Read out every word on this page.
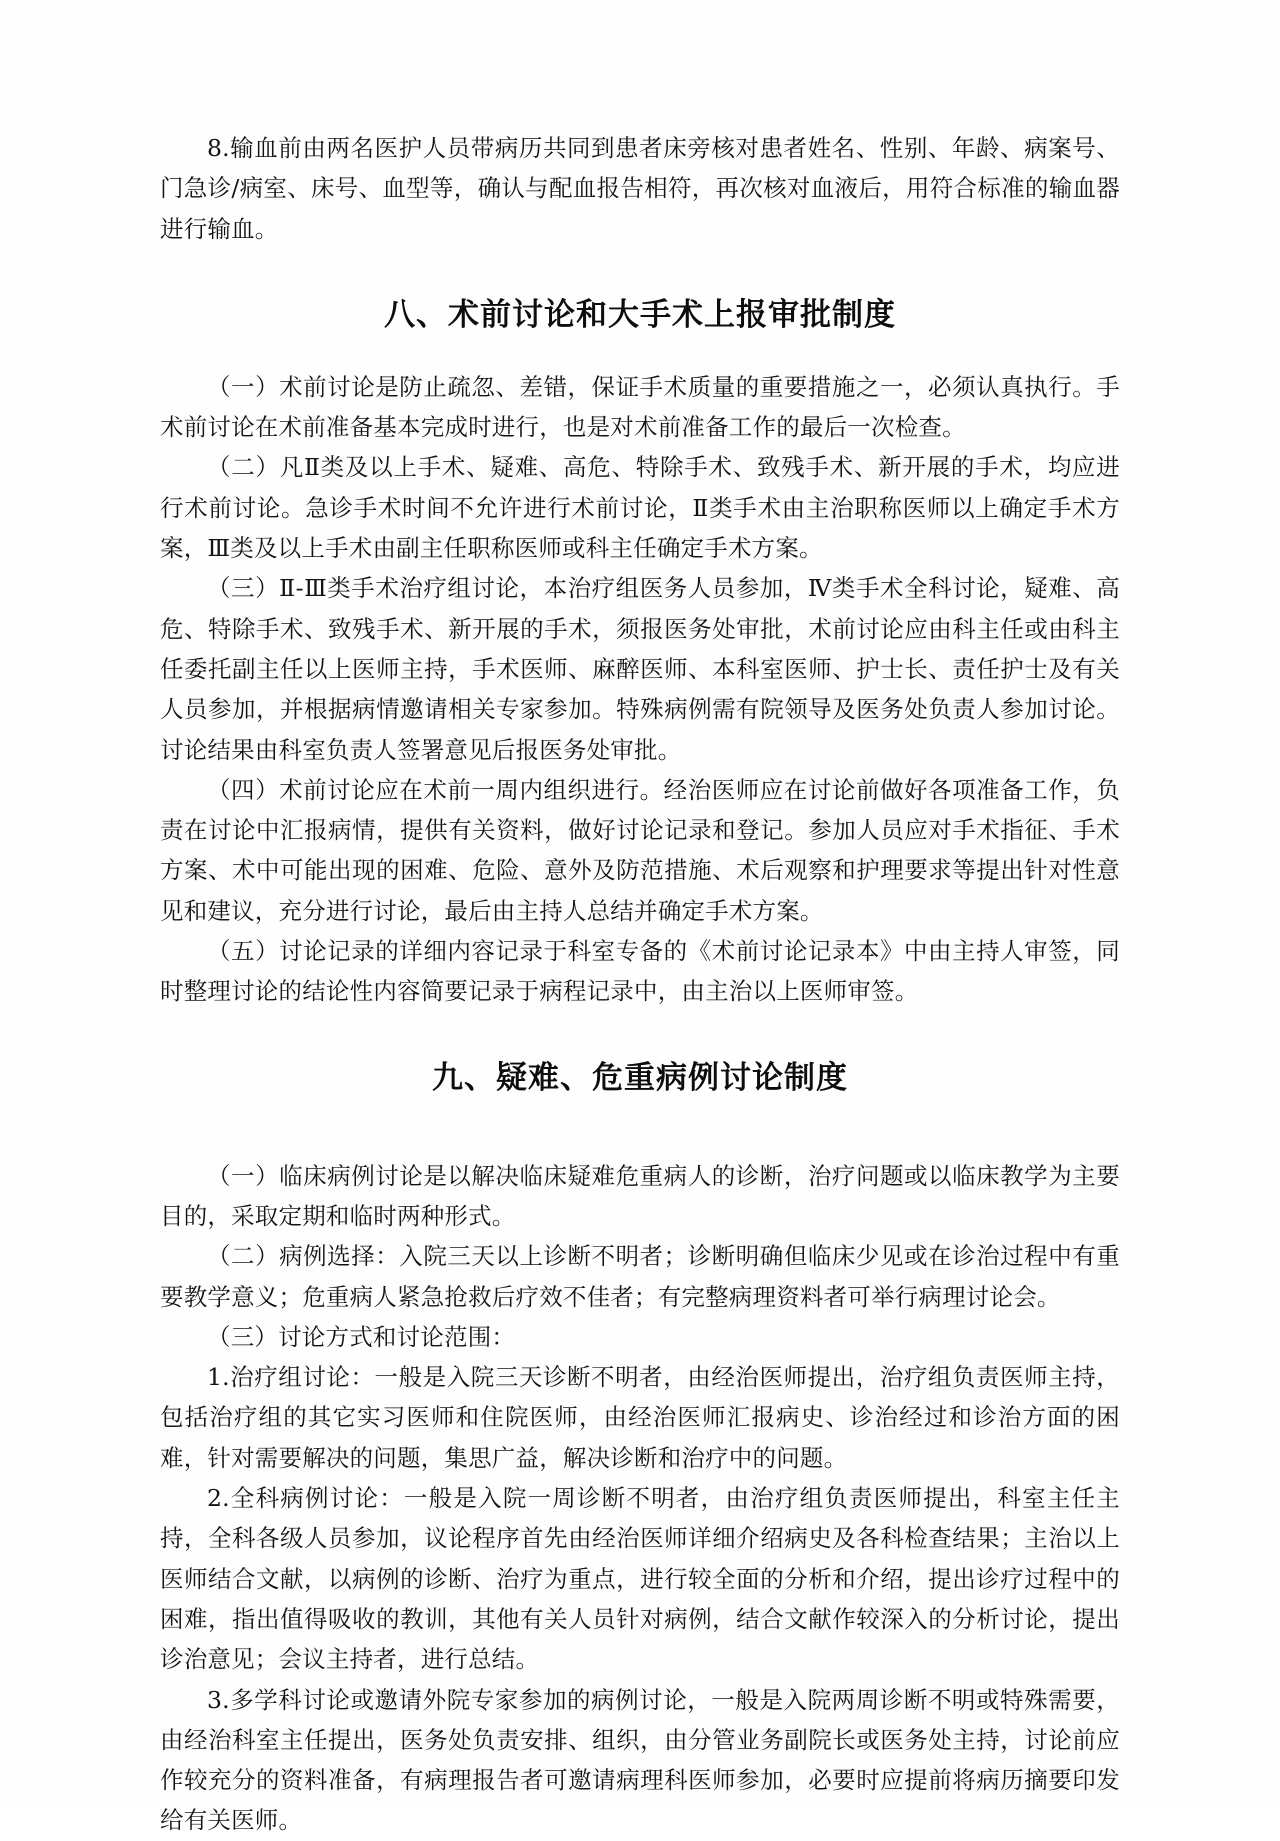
8.输血前由两名医护人员带病历共同到患者床旁核对患者姓名、性别、年龄、病案号、门急诊/病室、床号、血型等，确认与配血报告相符，再次核对血液后，用符合标准的输血器进行输血。

八、术前讨论和大手术上报审批制度

（一）术前讨论是防止疏忽、差错，保证手术质量的重要措施之一，必须认真执行。手术前讨论在术前准备基本完成时进行，也是对术前准备工作的最后一次检查。

（二）凡Ⅱ类及以上手术、疑难、高危、特除手术、致残手术、新开展的手术，均应进行术前讨论。急诊手术时间不允许进行术前讨论，Ⅱ类手术由主治职称医师以上确定手术方案，Ⅲ类及以上手术由副主任职称医师或科主任确定手术方案。

（三）Ⅱ-Ⅲ类手术治疗组讨论，本治疗组医务人员参加，Ⅳ类手术全科讨论，疑难、高危、特除手术、致残手术、新开展的手术，须报医务处审批，术前讨论应由科主任或由科主任委托副主任以上医师主持，手术医师、麻醉医师、本科室医师、护士长、责任护士及有关人员参加，并根据病情邀请相关专家参加。特殊病例需有院领导及医务处负责人参加讨论。讨论结果由科室负责人签署意见后报医务处审批。

（四）术前讨论应在术前一周内组织进行。经治医师应在讨论前做好各项准备工作，负责在讨论中汇报病情，提供有关资料，做好讨论记录和登记。参加人员应对手术指征、手术方案、术中可能出现的困难、危险、意外及防范措施、术后观察和护理要求等提出针对性意见和建议，充分进行讨论，最后由主持人总结并确定手术方案。

（五）讨论记录的详细内容记录于科室专备的《术前讨论记录本》中由主持人审签，同时整理讨论的结论性内容简要记录于病程记录中，由主治以上医师审签。

九、疑难、危重病例讨论制度

（一）临床病例讨论是以解决临床疑难危重病人的诊断，治疗问题或以临床教学为主要目的，采取定期和临时两种形式。

（二）病例选择：入院三天以上诊断不明者；诊断明确但临床少见或在诊治过程中有重要教学意义；危重病人紧急抢救后疗效不佳者；有完整病理资料者可举行病理讨论会。

（三）讨论方式和讨论范围：

1.治疗组讨论：一般是入院三天诊断不明者，由经治医师提出，治疗组负责医师主持，包括治疗组的其它实习医师和住院医师，由经治医师汇报病史、诊治经过和诊治方面的困难，针对需要解决的问题，集思广益，解决诊断和治疗中的问题。

2.全科病例讨论：一般是入院一周诊断不明者，由治疗组负责医师提出，科室主任主持，全科各级人员参加，议论程序首先由经治医师详细介绍病史及各科检查结果；主治以上医师结合文献，以病例的诊断、治疗为重点，进行较全面的分析和介绍，提出诊疗过程中的困难，指出值得吸收的教训，其他有关人员针对病例，结合文献作较深入的分析讨论，提出诊治意见；会议主持者，进行总结。

3.多学科讨论或邀请外院专家参加的病例讨论，一般是入院两周诊断不明或特殊需要，由经治科室主任提出，医务处负责安排、组织，由分管业务副院长或医务处主持，讨论前应作较充分的资料准备，有病理报告者可邀请病理科医师参加，必要时应提前将病历摘要印发给有关医师。
